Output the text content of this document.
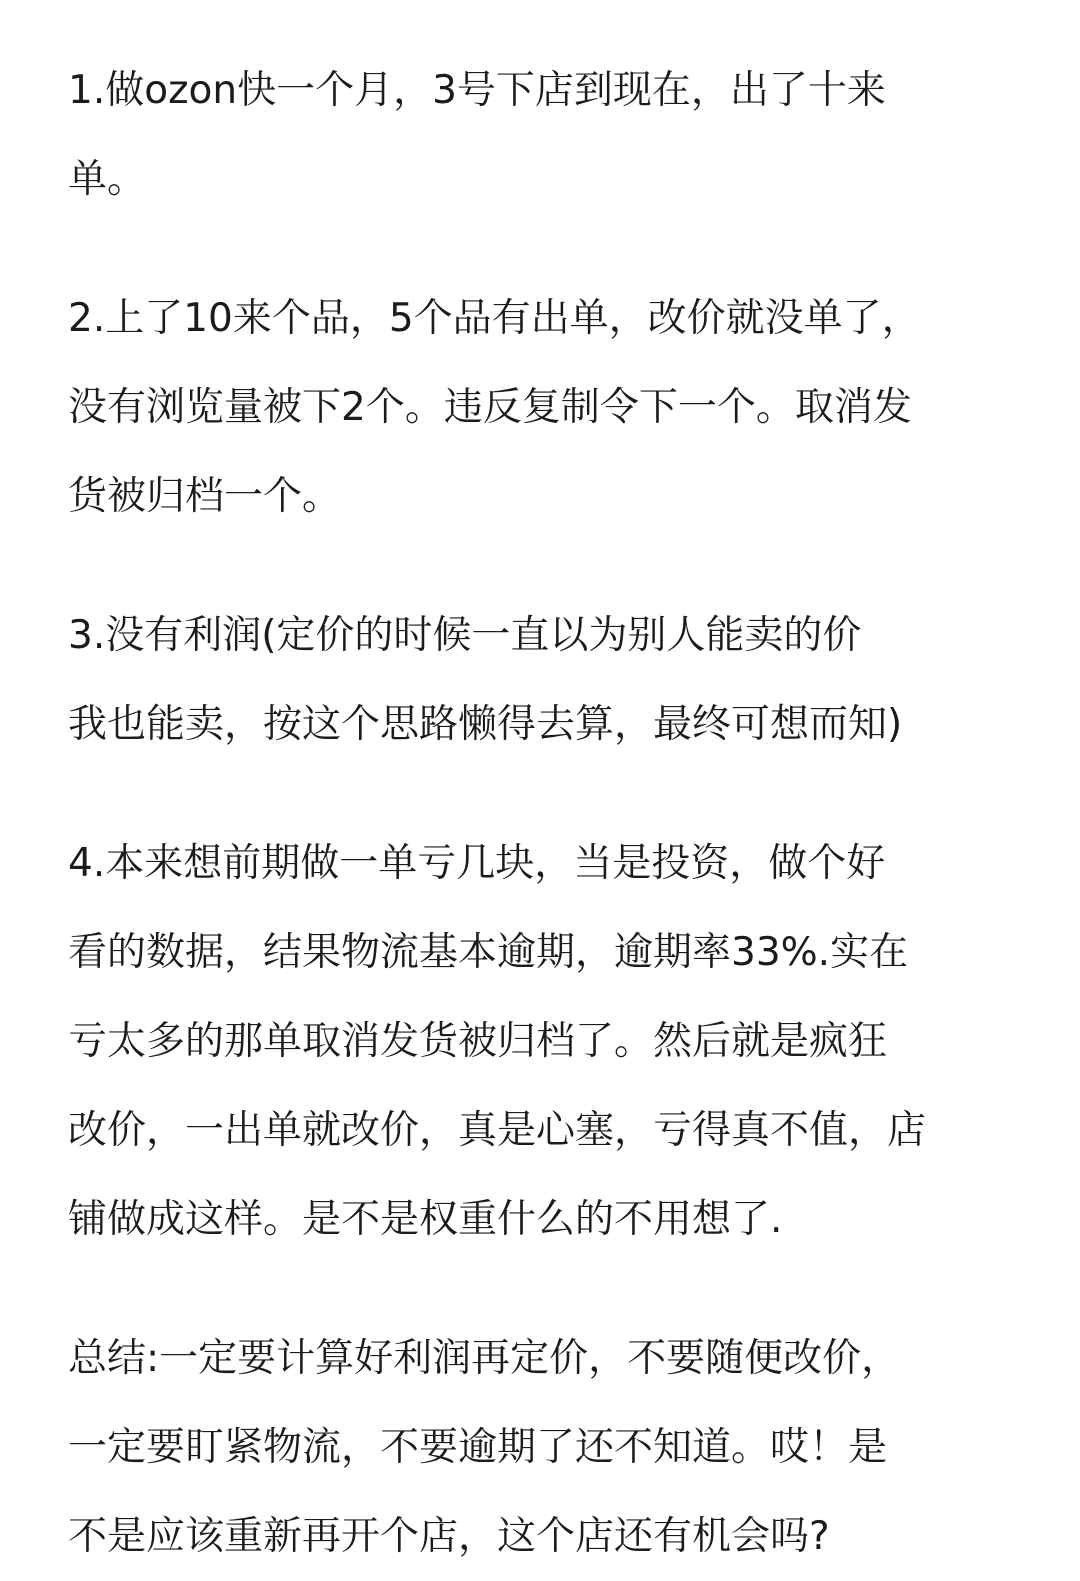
1.做ozon快一个月，3号下店到现在，出了十来
单。

2.上了10来个品，5个品有出单，改价就没单了，
没有浏览量被下2个。违反复制令下一个。取消发
货被归档一个。

3.没有利润(定价的时候一直以为别人能卖的价
我也能卖，按这个思路懒得去算，最终可想而知)

4.本来想前期做一单亏几块，当是投资，做个好
看的数据，结果物流基本逾期，逾期率33%.实在
亏太多的那单取消发货被归档了。然后就是疯狂
改价，一出单就改价，真是心塞，亏得真不值，店
铺做成这样。是不是权重什么的不用想了.

总结:一定要计算好利润再定价，不要随便改价，
一定要盯紧物流，不要逾期了还不知道。哎！是
不是应该重新再开个店，这个店还有机会吗?
